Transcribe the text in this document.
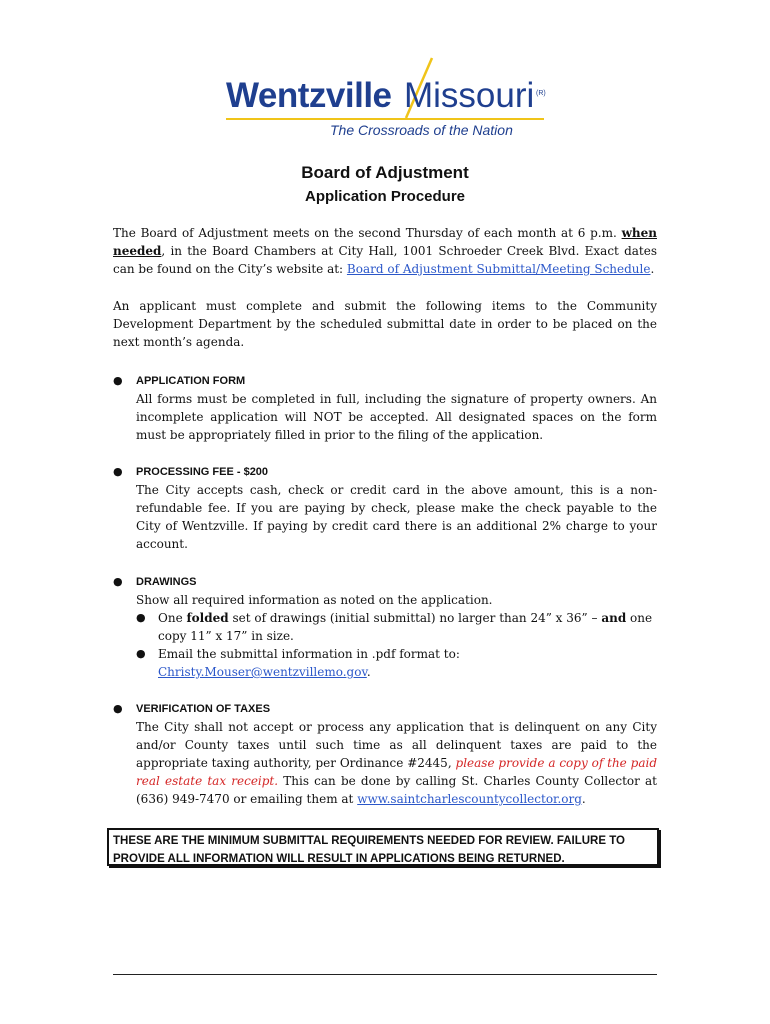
Wentzville Missouri (R)
The Crossroads of the Nation
Board of Adjustment
Application Procedure
The Board of Adjustment meets on the second Thursday of each month at 6 p.m. when needed, in the Board Chambers at City Hall, 1001 Schroeder Creek Blvd. Exact dates can be found on the City’s website at: Board of Adjustment Submittal/Meeting Schedule.
An applicant must complete and submit the following items to the Community Development Department by the scheduled submittal date in order to be placed on the next month’s agenda.
● APPLICATION FORM
All forms must be completed in full, including the signature of property owners. An incomplete application will NOT be accepted. All designated spaces on the form must be appropriately filled in prior to the filing of the application.
● PROCESSING FEE - $200
The City accepts cash, check or credit card in the above amount, this is a non-refundable fee. If you are paying by check, please make the check payable to the City of Wentzville. If paying by credit card there is an additional 2% charge to your account.
● DRAWINGS
Show all required information as noted on the application.
● One folded set of drawings (initial submittal) no larger than 24” x 36” – and one copy 11” x 17” in size.
● Email the submittal information in .pdf format to:
Christy.Mouser@wentzvillemo.gov.
● VERIFICATION OF TAXES
The City shall not accept or process any application that is delinquent on any City and/or County taxes until such time as all delinquent taxes are paid to the appropriate taxing authority, per Ordinance #2445, please provide a copy of the paid real estate tax receipt. This can be done by calling St. Charles County Collector at (636) 949-7470 or emailing them at www.saintcharlescountycollector.org.
THESE ARE THE MINIMUM SUBMITTAL REQUIREMENTS NEEDED FOR REVIEW. FAILURE TO PROVIDE ALL INFORMATION WILL RESULT IN APPLICATIONS BEING RETURNED.
